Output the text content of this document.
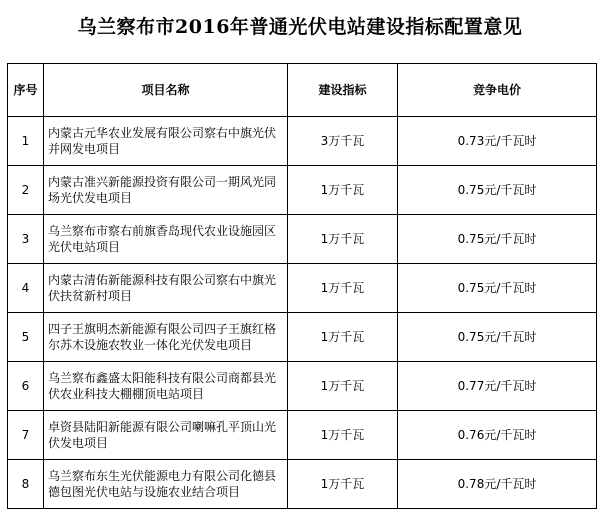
乌兰察布市2016年普通光伏电站建设指标配置意见
序号	项目名称	建设指标	竞争电价
1	内蒙古元华农业发展有限公司察右中旗光伏并网发电项目	3万千瓦	0.73元/千瓦时
2	内蒙古准兴新能源投资有限公司一期风光同场光伏发电项目	1万千瓦	0.75元/千瓦时
3	乌兰察布市察右前旗香岛现代农业设施园区光伏电站项目	1万千瓦	0.75元/千瓦时
4	内蒙古清佑新能源科技有限公司察右中旗光伏扶贫新村项目	1万千瓦	0.75元/千瓦时
5	四子王旗明杰新能源有限公司四子王旗红格尔苏木设施农牧业一体化光伏发电项目	1万千瓦	0.75元/千瓦时
6	乌兰察布鑫盛太阳能科技有限公司商都县光伏农业科技大棚棚顶电站项目	1万千瓦	0.77元/千瓦时
7	卓资县陆阳新能源有限公司喇嘛孔平顶山光伏发电项目	1万千瓦	0.76元/千瓦时
8	乌兰察布东生光伏能源电力有限公司化德县德包图光伏电站与设施农业结合项目	1万千瓦	0.78元/千瓦时
